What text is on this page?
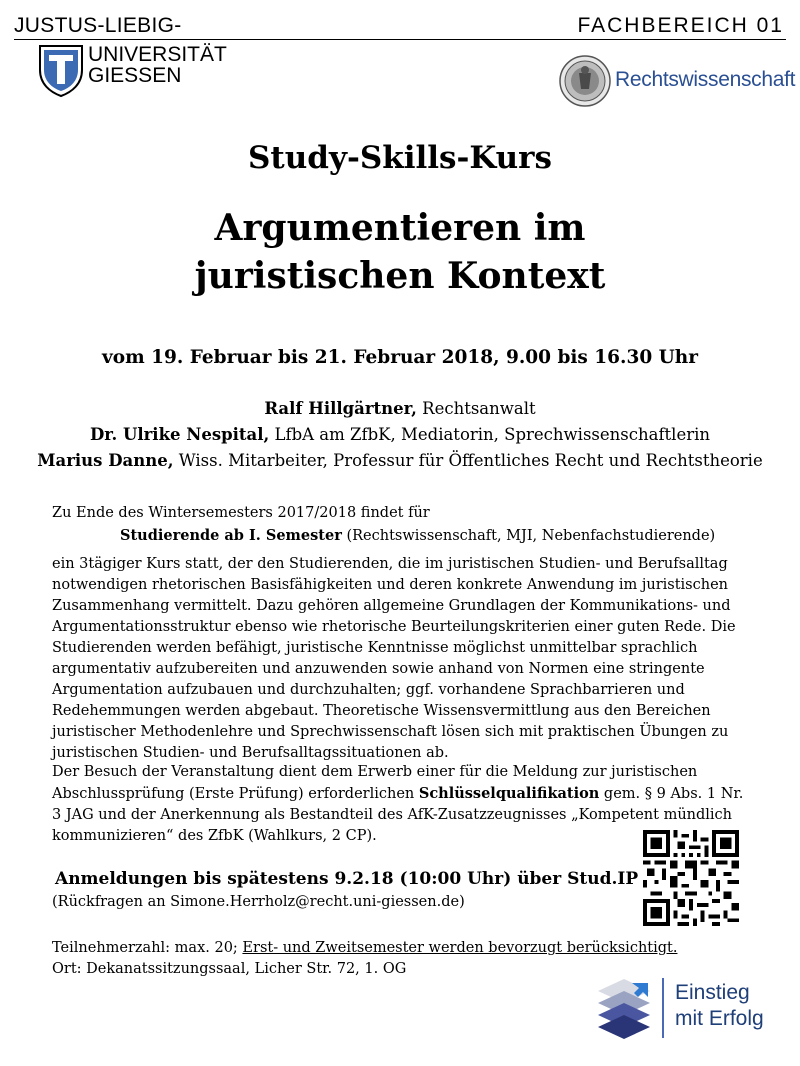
JUSTUS-LIEBIG-	FACHBEREICH 01
UNIVERSITÄT
GIESSEN	Rechtswissenschaft
Study-Skills-Kurs
Argumentieren im
juristischen Kontext
vom 19. Februar bis 21. Februar 2018, 9.00 bis 16.30 Uhr
Ralf Hillgärtner, Rechtsanwalt
Dr. Ulrike Nespital, LfbA am ZfbK, Mediatorin, Sprechwissenschaftlerin
Marius Danne, Wiss. Mitarbeiter, Professur für Öffentliches Recht und Rechtstheorie
Zu Ende des Wintersemesters 2017/2018 findet für
Studierende ab I. Semester (Rechtswissenschaft, MJI, Nebenfachstudierende)
ein 3tägiger Kurs statt, der den Studierenden, die im juristischen Studien- und Berufsalltag notwendigen rhetorischen Basisfähigkeiten und deren konkrete Anwendung im juristischen Zusammenhang vermittelt. Dazu gehören allgemeine Grundlagen der Kommunikations- und Argumentationsstruktur ebenso wie rhetorische Beurteilungskriterien einer guten Rede. Die Studierenden werden befähigt, juristische Kenntnisse möglichst unmittelbar sprachlich argumentativ aufzubereiten und anzuwenden sowie anhand von Normen eine stringente Argumentation aufzubauen und durchzuhalten; ggf. vorhandene Sprachbarrieren und Redehemmungen werden abgebaut. Theoretische Wissensvermittlung aus den Bereichen juristischer Methodenlehre und Sprechwissenschaft lösen sich mit praktischen Übungen zu juristischen Studien- und Berufsalltagssituationen ab.
Der Besuch der Veranstaltung dient dem Erwerb einer für die Meldung zur juristischen Abschlussprüfung (Erste Prüfung) erforderlichen Schlüsselqualifikation gem. § 9 Abs. 1 Nr. 3 JAG und der Anerkennung als Bestandteil des AfK-Zusatzzeugnisses „Kompetent mündlich kommunizieren“ des ZfbK (Wahlkurs, 2 CP).
Anmeldungen bis spätestens 9.2.18 (10:00 Uhr) über Stud.IP
(Rückfragen an Simone.Herrholz@recht.uni-giessen.de)
Teilnehmerzahl: max. 20; Erst- und Zweitsemester werden bevorzugt berücksichtigt.
Ort: Dekanatssitzungssaal, Licher Str. 72, 1. OG
Einstieg
mit Erfolg
